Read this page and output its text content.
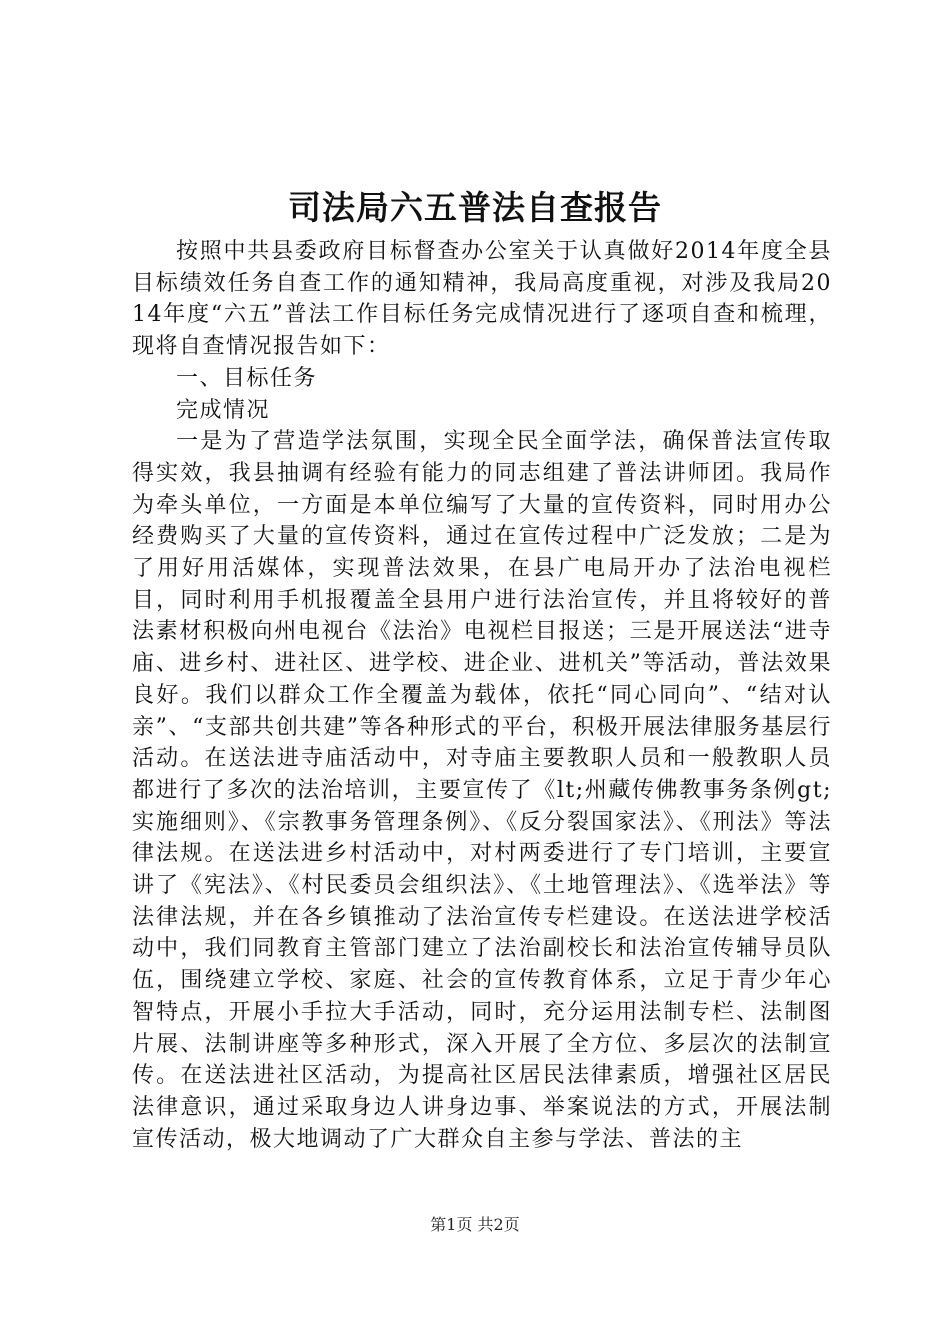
司法局六五普法自查报告

按照中共县委政府目标督查办公室关于认真做好2014年度全县目标绩效任务自查工作的通知精神，我局高度重视，对涉及我局2014年度“六五”普法工作目标任务完成情况进行了逐项自查和梳理，现将自查情况报告如下：

一、目标任务

完成情况

一是为了营造学法氛围，实现全民全面学法，确保普法宣传取得实效，我县抽调有经验有能力的同志组建了普法讲师团。我局作为牵头单位，一方面是本单位编写了大量的宣传资料，同时用办公经费购买了大量的宣传资料，通过在宣传过程中广泛发放；二是为了用好用活媒体，实现普法效果，在县广电局开办了法治电视栏目，同时利用手机报覆盖全县用户进行法治宣传，并且将较好的普法素材积极向州电视台《法治》电视栏目报送；三是开展送法“进寺庙、进乡村、进社区、进学校、进企业、进机关”等活动，普法效果良好。我们以群众工作全覆盖为载体，依托“同心同向”、“结对认亲”、“支部共创共建”等各种形式的平台，积极开展法律服务基层行活动。在送法进寺庙活动中，对寺庙主要教职人员和一般教职人员都进行了多次的法治培训，主要宣传了《lt;州藏传佛教事务条例gt;实施细则》、《宗教事务管理条例》、《反分裂国家法》、《刑法》等法律法规。在送法进乡村活动中，对村两委进行了专门培训，主要宣讲了《宪法》、《村民委员会组织法》、《土地管理法》、《选举法》等法律法规，并在各乡镇推动了法治宣传专栏建设。在送法进学校活动中，我们同教育主管部门建立了法治副校长和法治宣传辅导员队伍，围绕建立学校、家庭、社会的宣传教育体系，立足于青少年心智特点，开展小手拉大手活动，同时，充分运用法制专栏、法制图片展、法制讲座等多种形式，深入开展了全方位、多层次的法制宣传。在送法进社区活动，为提高社区居民法律素质，增强社区居民法律意识，通过采取身边人讲身边事、举案说法的方式，开展法制宣传活动，极大地调动了广大群众自主参与学法、普法的主

第1页 共2页
